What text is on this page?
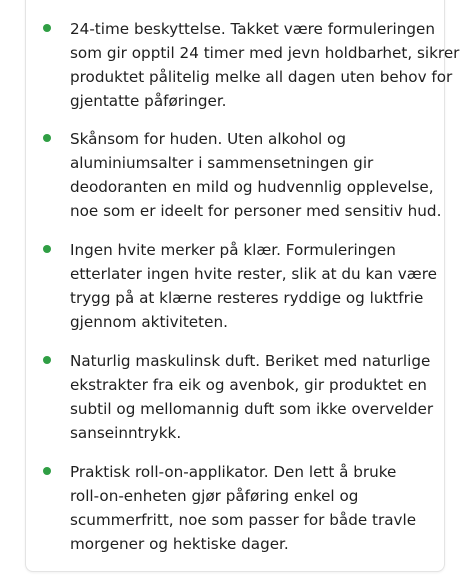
24-time beskyttelse. Takket være formuleringen
som gir opptil 24 timer med jevn holdbarhet, sikrer
produktet pålitelig melke all dagen uten behov for
gjentatte påføringer.

Skånsom for huden. Uten alkohol og
aluminiumsalter i sammensetningen gir
deodoranten en mild og hudvennlig opplevelse,
noe som er ideelt for personer med sensitiv hud.

Ingen hvite merker på klær. Formuleringen
etterlater ingen hvite rester, slik at du kan være
trygg på at klærne resteres ryddige og luktfrie
gjennom aktiviteten.

Naturlig maskulinsk duft. Beriket med naturlige
ekstrakter fra eik og avenbok, gir produktet en
subtil og mellomannig duft som ikke overvelder
sanseinntrykk.

Praktisk roll-on-applikator. Den lett å bruke
roll-on-enheten gjør påføring enkel og
scummerfritt, noe som passer for både travle
morgener og hektiske dager.
